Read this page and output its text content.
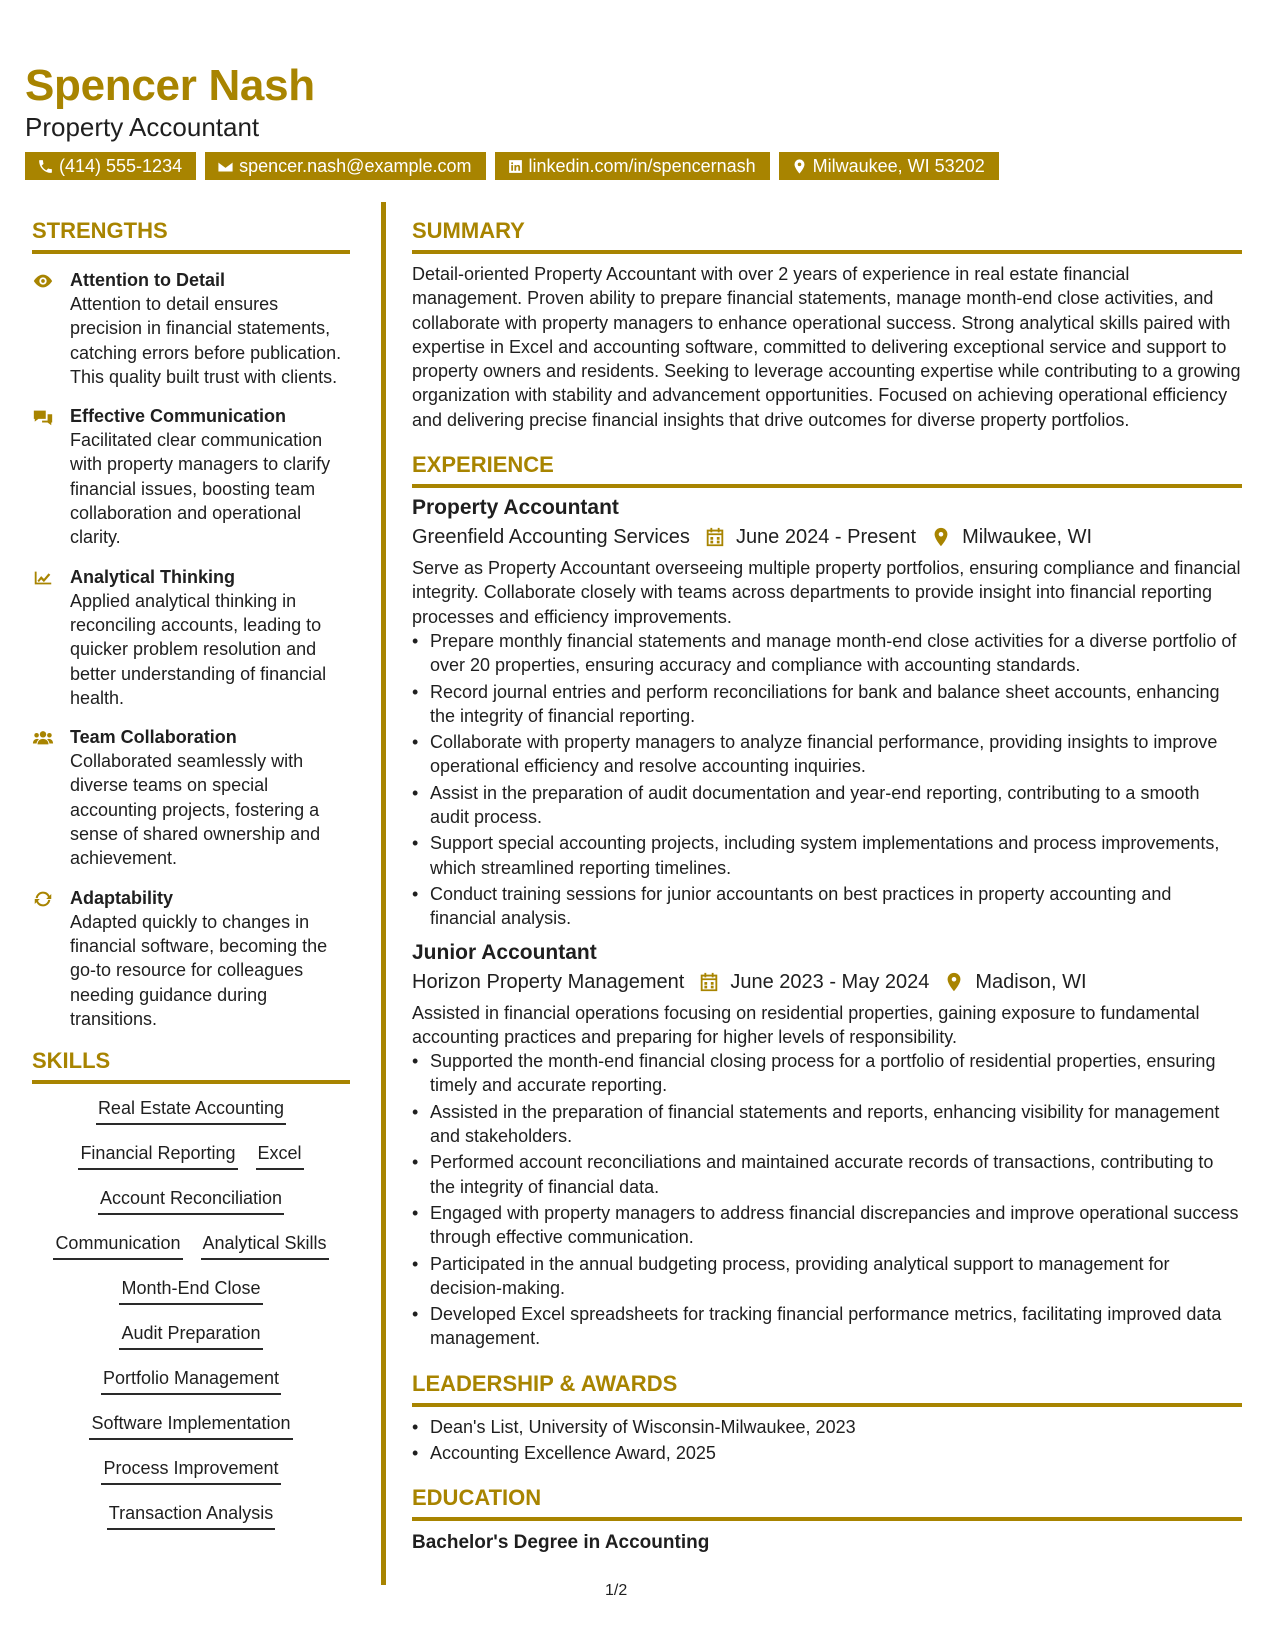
Spencer Nash
Property Accountant
(414) 555-1234	spencer.nash@example.com	linkedin.com/in/spencernash	Milwaukee, WI 53202
STRENGTHS
Attention to Detail
Attention to detail ensures precision in financial statements, catching errors before publication. This quality built trust with clients.
Effective Communication
Facilitated clear communication with property managers to clarify financial issues, boosting team collaboration and operational clarity.
Analytical Thinking
Applied analytical thinking in reconciling accounts, leading to quicker problem resolution and better understanding of financial health.
Team Collaboration
Collaborated seamlessly with diverse teams on special accounting projects, fostering a sense of shared ownership and achievement.
Adaptability
Adapted quickly to changes in financial software, becoming the go-to resource for colleagues needing guidance during transitions.
SKILLS
Real Estate Accounting
Financial Reporting Excel
Account Reconciliation
Communication Analytical Skills
Month-End Close
Audit Preparation
Portfolio Management
Software Implementation
Process Improvement
Transaction Analysis
SUMMARY
Detail-oriented Property Accountant with over 2 years of experience in real estate financial management. Proven ability to prepare financial statements, manage month-end close activities, and collaborate with property managers to enhance operational success. Strong analytical skills paired with expertise in Excel and accounting software, committed to delivering exceptional service and support to property owners and residents. Seeking to leverage accounting expertise while contributing to a growing organization with stability and advancement opportunities. Focused on achieving operational efficiency and delivering precise financial insights that drive outcomes for diverse property portfolios.
EXPERIENCE
Property Accountant
Greenfield Accounting Services June 2024 - Present Milwaukee, WI
Serve as Property Accountant overseeing multiple property portfolios, ensuring compliance and financial integrity. Collaborate closely with teams across departments to provide insight into financial reporting processes and efficiency improvements.
• Prepare monthly financial statements and manage month-end close activities for a diverse portfolio of over 20 properties, ensuring accuracy and compliance with accounting standards.
• Record journal entries and perform reconciliations for bank and balance sheet accounts, enhancing the integrity of financial reporting.
• Collaborate with property managers to analyze financial performance, providing insights to improve operational efficiency and resolve accounting inquiries.
• Assist in the preparation of audit documentation and year-end reporting, contributing to a smooth audit process.
• Support special accounting projects, including system implementations and process improvements, which streamlined reporting timelines.
• Conduct training sessions for junior accountants on best practices in property accounting and financial analysis.
Junior Accountant
Horizon Property Management June 2023 - May 2024 Madison, WI
Assisted in financial operations focusing on residential properties, gaining exposure to fundamental accounting practices and preparing for higher levels of responsibility.
• Supported the month-end financial closing process for a portfolio of residential properties, ensuring timely and accurate reporting.
• Assisted in the preparation of financial statements and reports, enhancing visibility for management and stakeholders.
• Performed account reconciliations and maintained accurate records of transactions, contributing to the integrity of financial data.
• Engaged with property managers to address financial discrepancies and improve operational success through effective communication.
• Participated in the annual budgeting process, providing analytical support to management for decision-making.
• Developed Excel spreadsheets for tracking financial performance metrics, facilitating improved data management.
LEADERSHIP & AWARDS
• Dean's List, University of Wisconsin-Milwaukee, 2023
• Accounting Excellence Award, 2025
EDUCATION
Bachelor's Degree in Accounting
1/2
